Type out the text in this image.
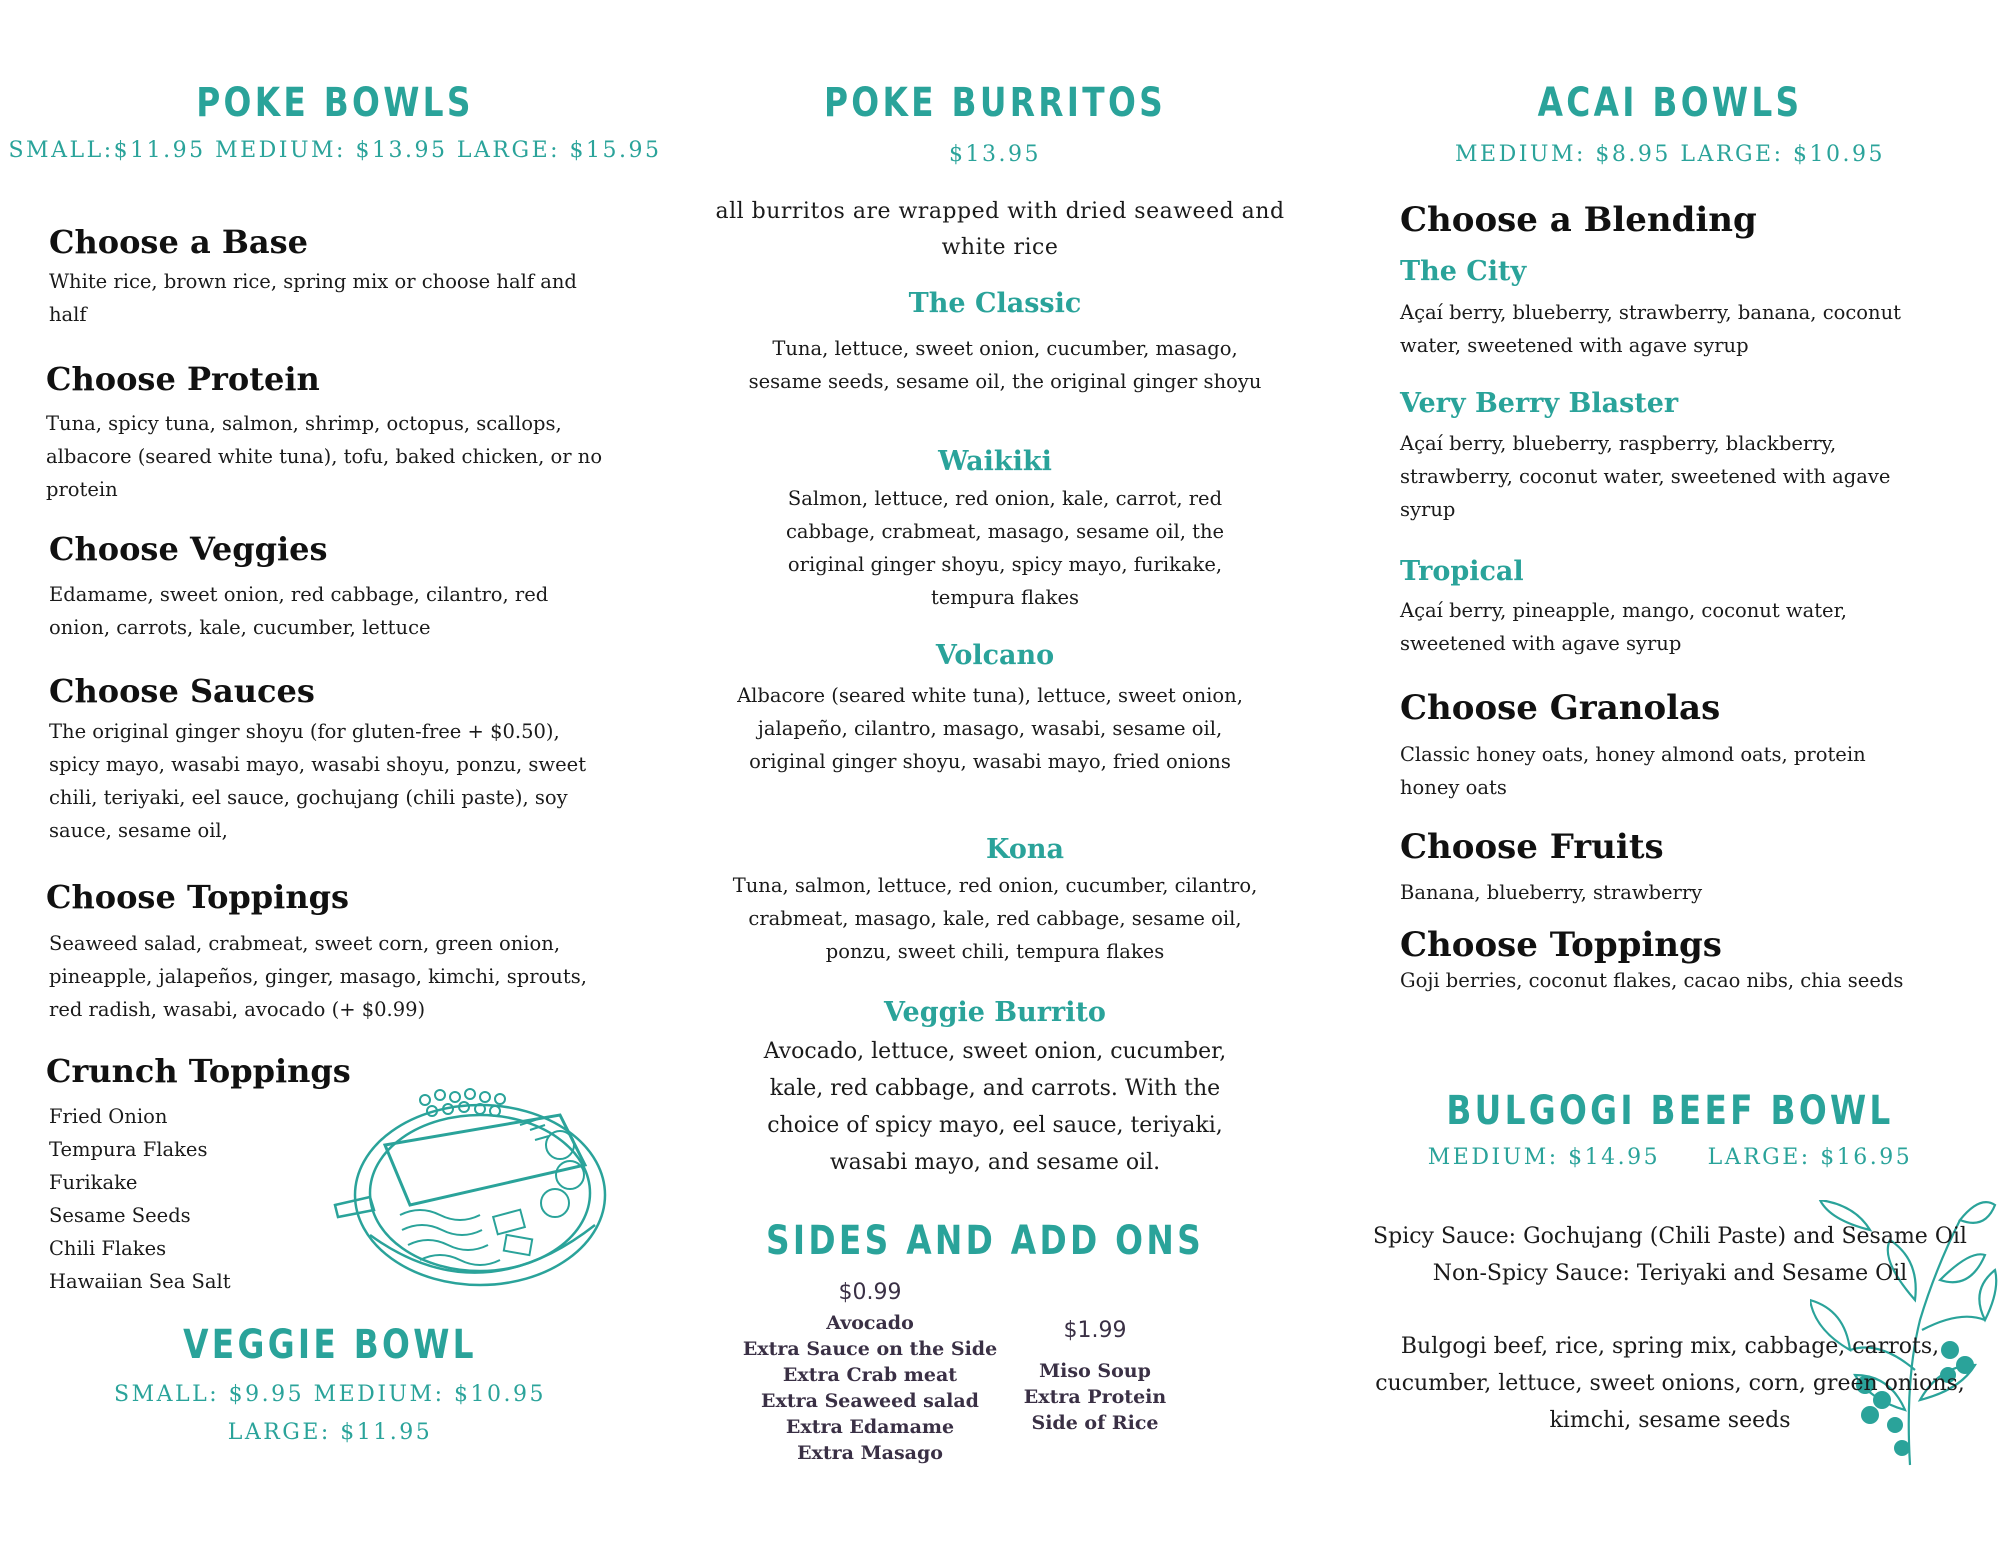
POKE BOWLS
SMALL:$11.95 MEDIUM: $13.95 LARGE: $15.95
Choose a Base
White rice, brown rice, spring mix or choose half and half
Choose Protein
Tuna, spicy tuna, salmon, shrimp, octopus, scallops, albacore (seared white tuna), tofu, baked chicken, or no protein
Choose Veggies
Edamame, sweet onion, red cabbage, cilantro, red onion, carrots, kale, cucumber, lettuce
Choose Sauces
The original ginger shoyu (for gluten-free + $0.50), spicy mayo, wasabi mayo, wasabi shoyu, ponzu, sweet chili, teriyaki, eel sauce, gochujang (chili paste), soy sauce, sesame oil,
Choose Toppings
Seaweed salad, crabmeat, sweet corn, green onion, pineapple, jalapeños, ginger, masago, kimchi, sprouts, red radish, wasabi, avocado (+ $0.99)
Crunch Toppings
Fried Onion
Tempura Flakes
Furikake
Sesame Seeds
Chili Flakes
Hawaiian Sea Salt
VEGGIE BOWL
SMALL: $9.95 MEDIUM: $10.95
LARGE: $11.95
POKE BURRITOS
$13.95
all burritos are wrapped with dried seaweed and white rice
The Classic
Tuna, lettuce, sweet onion, cucumber, masago, sesame seeds, sesame oil, the original ginger shoyu
Waikiki
Salmon, lettuce, red onion, kale, carrot, red cabbage, crabmeat, masago, sesame oil, the original ginger shoyu, spicy mayo, furikake, tempura flakes
Volcano
Albacore (seared white tuna), lettuce, sweet onion, jalapeño, cilantro, masago, wasabi, sesame oil, original ginger shoyu, wasabi mayo, fried onions
Kona
Tuna, salmon, lettuce, red onion, cucumber, cilantro, crabmeat, masago, kale, red cabbage, sesame oil, ponzu, sweet chili, tempura flakes
Veggie Burrito
Avocado, lettuce, sweet onion, cucumber, kale, red cabbage, and carrots. With the choice of spicy mayo, eel sauce, teriyaki, wasabi mayo, and sesame oil.
SIDES AND ADD ONS
$0.99
Avocado
Extra Sauce on the Side
Extra Crab meat
Extra Seaweed salad
Extra Edamame
Extra Masago
$1.99
Miso Soup
Extra Protein
Side of Rice
ACAI BOWLS
MEDIUM: $8.95 LARGE: $10.95
Choose a Blending
The City
Açaí berry, blueberry, strawberry, banana, coconut water, sweetened with agave syrup
Very Berry Blaster
Açaí berry, blueberry, raspberry, blackberry, strawberry, coconut water, sweetened with agave syrup
Tropical
Açaí berry, pineapple, mango, coconut water, sweetened with agave syrup
Choose Granolas
Classic honey oats, honey almond oats, protein honey oats
Choose Fruits
Banana, blueberry, strawberry
Choose Toppings
Goji berries, coconut flakes, cacao nibs, chia seeds
BULGOGI BEEF BOWL
MEDIUM: $14.95     LARGE: $16.95
Spicy Sauce: Gochujang (Chili Paste) and Sesame Oil
Non-Spicy Sauce: Teriyaki and Sesame Oil
Bulgogi beef, rice, spring mix, cabbage, carrots, cucumber, lettuce, sweet onions, corn, green onions, kimchi, sesame seeds
